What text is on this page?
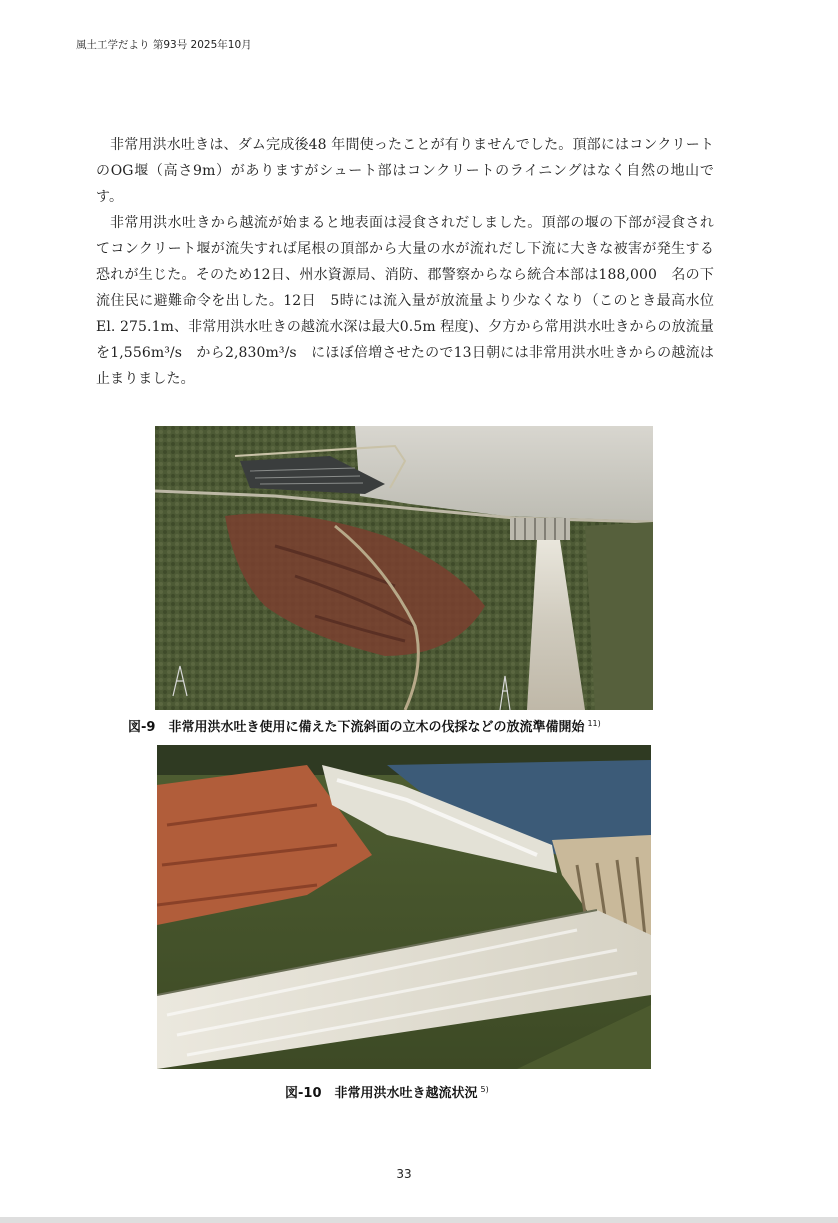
風土工学だより 第93号 2025年10月

非常用洪水吐きは、ダム完成後48 年間使ったことが有りませんでした。頂部にはコンクリートのOG堰（高さ9m）がありますがシュート部はコンクリートのライニングはなく自然の地山です。

非常用洪水吐きから越流が始まると地表面は浸食されだしました。頂部の堰の下部が浸食されてコンクリート堰が流失すれば尾根の頂部から大量の水が流れだし下流に大きな被害が発生する恐れが生じた。そのため12日、州水資源局、消防、郡警察からなら統合本部は188,000　名の下流住民に避難命令を出した。12日　5時には流入量が放流量より少なくなり（このとき最高水位El. 275.1m、非常用洪水吐きの越流水深は最大0.5m 程度)、夕方から常用洪水吐きからの放流量を1,556m³/s　から2,830m³/s　にほぼ倍増させたので13日朝には非常用洪水吐きからの越流は止まりました。

図-9　非常用洪水吐き使用に備えた下流斜面の立木の伐採などの放流準備開始 $^{11)}$
図-10　非常用洪水吐き越流状況 $^{5)}$
33
